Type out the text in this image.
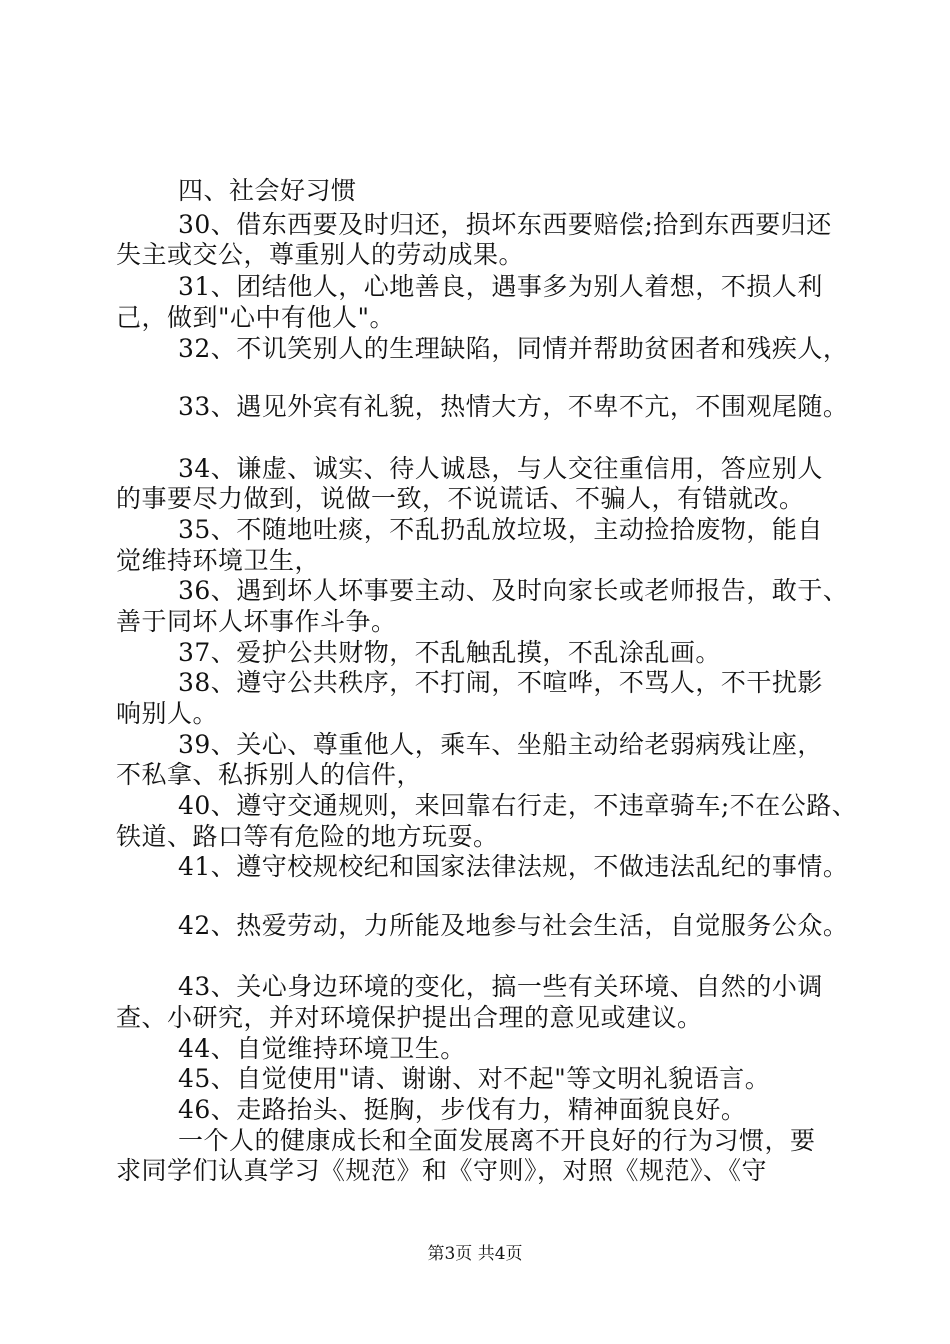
四、社会好习惯
30、借东西要及时归还，损坏东西要赔偿;拾到东西要归还
失主或交公，尊重别人的劳动成果。
31、团结他人，心地善良，遇事多为别人着想，不损人利
己，做到"心中有他人"。
32、不讥笑别人的生理缺陷，同情并帮助贫困者和残疾人，
33、遇见外宾有礼貌，热情大方，不卑不亢，不围观尾随。
34、谦虚、诚实、待人诚恳，与人交往重信用，答应别人
的事要尽力做到，说做一致，不说谎话、不骗人，有错就改。
35、不随地吐痰，不乱扔乱放垃圾，主动捡拾废物，能自
觉维持环境卫生，
36、遇到坏人坏事要主动、及时向家长或老师报告，敢于、
善于同坏人坏事作斗争。
37、爱护公共财物，不乱触乱摸，不乱涂乱画。
38、遵守公共秩序，不打闹，不喧哗，不骂人，不干扰影
响别人。
39、关心、尊重他人，乘车、坐船主动给老弱病残让座，
不私拿、私拆别人的信件，
40、遵守交通规则，来回靠右行走，不违章骑车;不在公路、
铁道、路口等有危险的地方玩耍。
41、遵守校规校纪和国家法律法规，不做违法乱纪的事情。
42、热爱劳动，力所能及地参与社会生活，自觉服务公众。
43、关心身边环境的变化，搞一些有关环境、自然的小调
查、小研究，并对环境保护提出合理的意见或建议。
44、自觉维持环境卫生。
45、自觉使用"请、谢谢、对不起"等文明礼貌语言。
46、走路抬头、挺胸，步伐有力，精神面貌良好。
一个人的健康成长和全面发展离不开良好的行为习惯，要
求同学们认真学习《规范》和《守则》，对照《规范》、《守
第3页 共4页
